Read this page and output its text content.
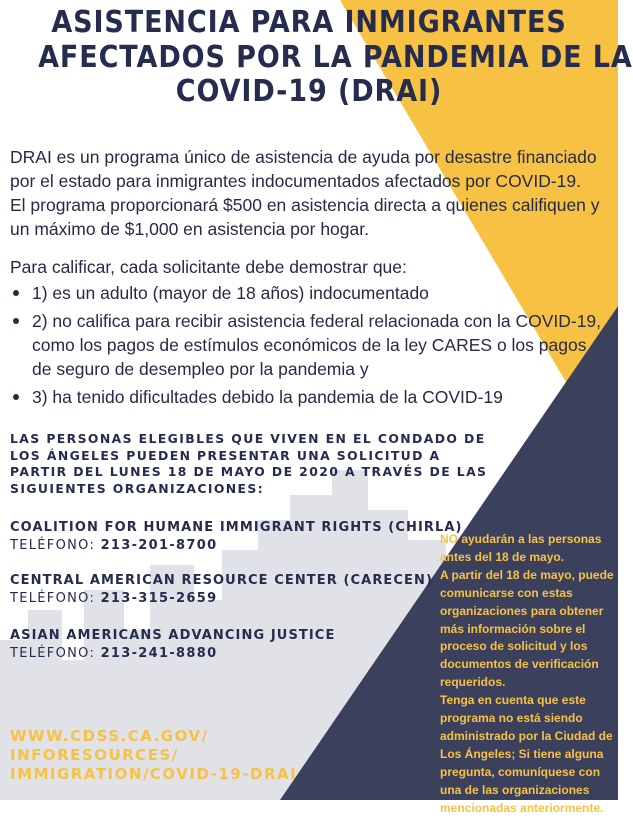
ASISTENCIA PARA INMIGRANTES
AFECTADOS POR LA PANDEMIA DE LA
COVID-19 (DRAI)

DRAI es un programa único de asistencia de ayuda por desastre financiado por el estado para inmigrantes indocumentados afectados por COVID-19. El programa proporcionará $500 en asistencia directa a quienes califiquen y un máximo de $1,000 en asistencia por hogar.

Para calificar, cada solicitante debe demostrar que:

1) es un adulto (mayor de 18 años) indocumentado
2) no califica para recibir asistencia federal relacionada con la COVID-19, como los pagos de estímulos económicos de la ley CARES o los pagos de seguro de desempleo por la pandemia y
3) ha tenido dificultades debido la pandemia de la COVID-19

LAS PERSONAS ELEGIBLES QUE VIVEN EN EL CONDADO DE LOS ÁNGELES PUEDEN PRESENTAR UNA SOLICITUD A PARTIR DEL LUNES 18 DE MAYO DE 2020 A TRAVÉS DE LAS SIGUIENTES ORGANIZACIONES:

COALITION FOR HUMANE IMMIGRANT RIGHTS (CHIRLA)
TELÉFONO: 213-201-8700
CENTRAL AMERICAN RESOURCE CENTER (CARECEN)
TELÉFONO: 213-315-2659
ASIAN AMERICANS ADVANCING JUSTICE
TELÉFONO: 213-241-8880

NO ayudarán a las personas antes del 18 de mayo.

A partir del 18 de mayo, puede comunicarse con estas organizaciones para obtener más información sobre el proceso de solicitud y los documentos de verificación requeridos.

Tenga en cuenta que este programa no está siendo administrado por la Ciudad de Los Ángeles; Si tiene alguna pregunta, comuníquese con una de las organizaciones mencionadas anteriormente.

WWW.CDSS.CA.GOV/
INFORESOURCES/
IMMIGRATION/COVID-19-DRAI
